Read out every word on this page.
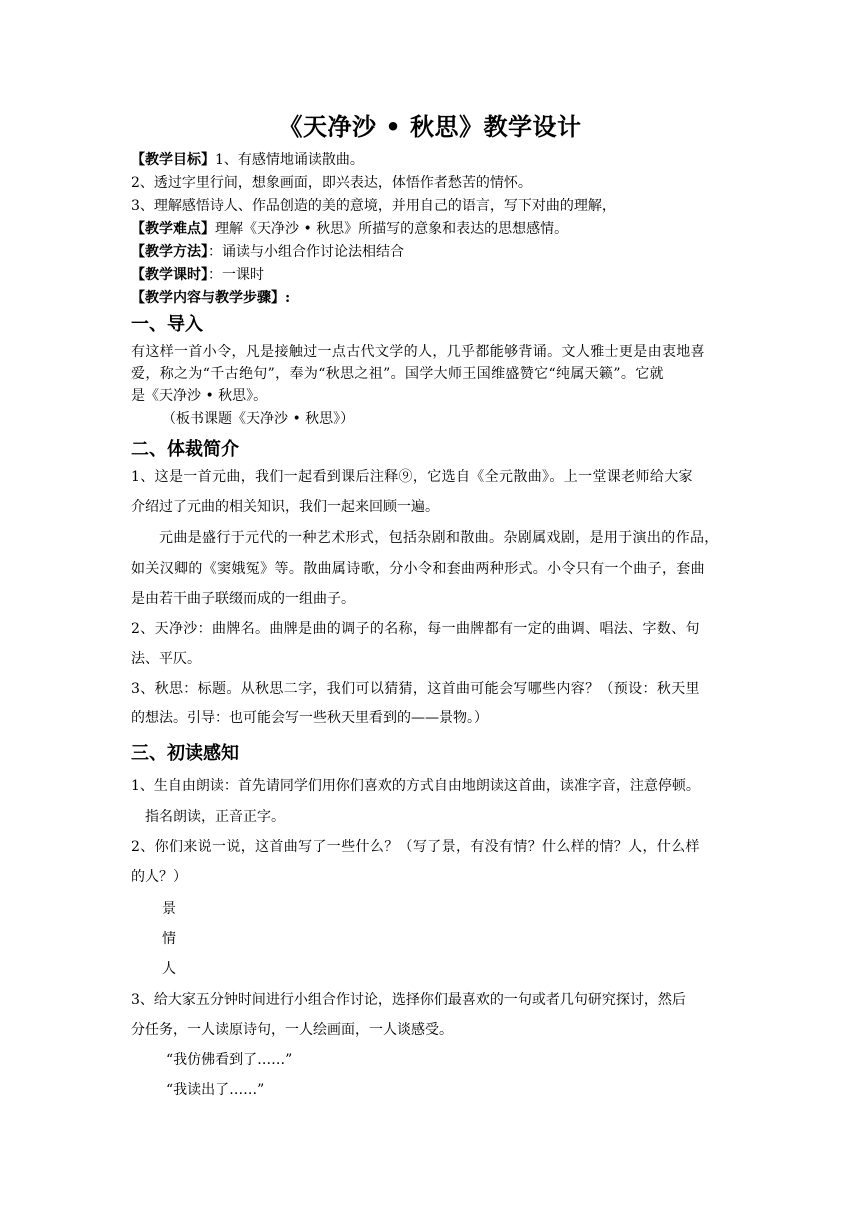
《天净沙 • 秋思》教学设计
【教学目标】1、有感情地诵读散曲。
2、透过字里行间，想象画面，即兴表达，体悟作者愁苦的情怀。
3、理解感悟诗人、作品创造的美的意境，并用自己的语言，写下对曲的理解，
【教学难点】理解《天净沙 • 秋思》所描写的意象和表达的思想感情。
【教学方法】：诵读与小组合作讨论法相结合
【教学课时】：一课时
【教学内容与教学步骤】:
一、导入
有这样一首小令，凡是接触过一点古代文学的人，几乎都能够背诵。文人雅士更是由衷地喜
爱，称之为“千古绝句”，奉为“秋思之祖”。国学大师王国维盛赞它“纯属天籁”。它就
是《天净沙 • 秋思》。
（板书课题《天净沙 • 秋思》）
二、体裁简介
1、这是一首元曲，我们一起看到课后注释⑨，它选自《全元散曲》。上一堂课老师给大家
介绍过了元曲的相关知识，我们一起来回顾一遍。
元曲是盛行于元代的一种艺术形式，包括杂剧和散曲。杂剧属戏剧，是用于演出的作品，
如关汉卿的《窦娥冤》等。散曲属诗歌，分小令和套曲两种形式。小令只有一个曲子，套曲
是由若干曲子联缀而成的一组曲子。
2、天净沙：曲牌名。曲牌是曲的调子的名称，每一曲牌都有一定的曲调、唱法、字数、句
法、平仄。
3、秋思：标题。从秋思二字，我们可以猜猜，这首曲可能会写哪些内容？（预设：秋天里
的想法。引导：也可能会写一些秋天里看到的——景物。）
三、初读感知
1、生自由朗读：首先请同学们用你们喜欢的方式自由地朗读这首曲，读准字音，注意停顿。
指名朗读，正音正字。
2、你们来说一说，这首曲写了一些什么？（写了景，有没有情？什么样的情？人，什么样
的人？）
景
情
人
3、给大家五分钟时间进行小组合作讨论，选择你们最喜欢的一句或者几句研究探讨，然后
分任务，一人读原诗句，一人绘画面，一人谈感受。
“我仿佛看到了……”
“我读出了……”
